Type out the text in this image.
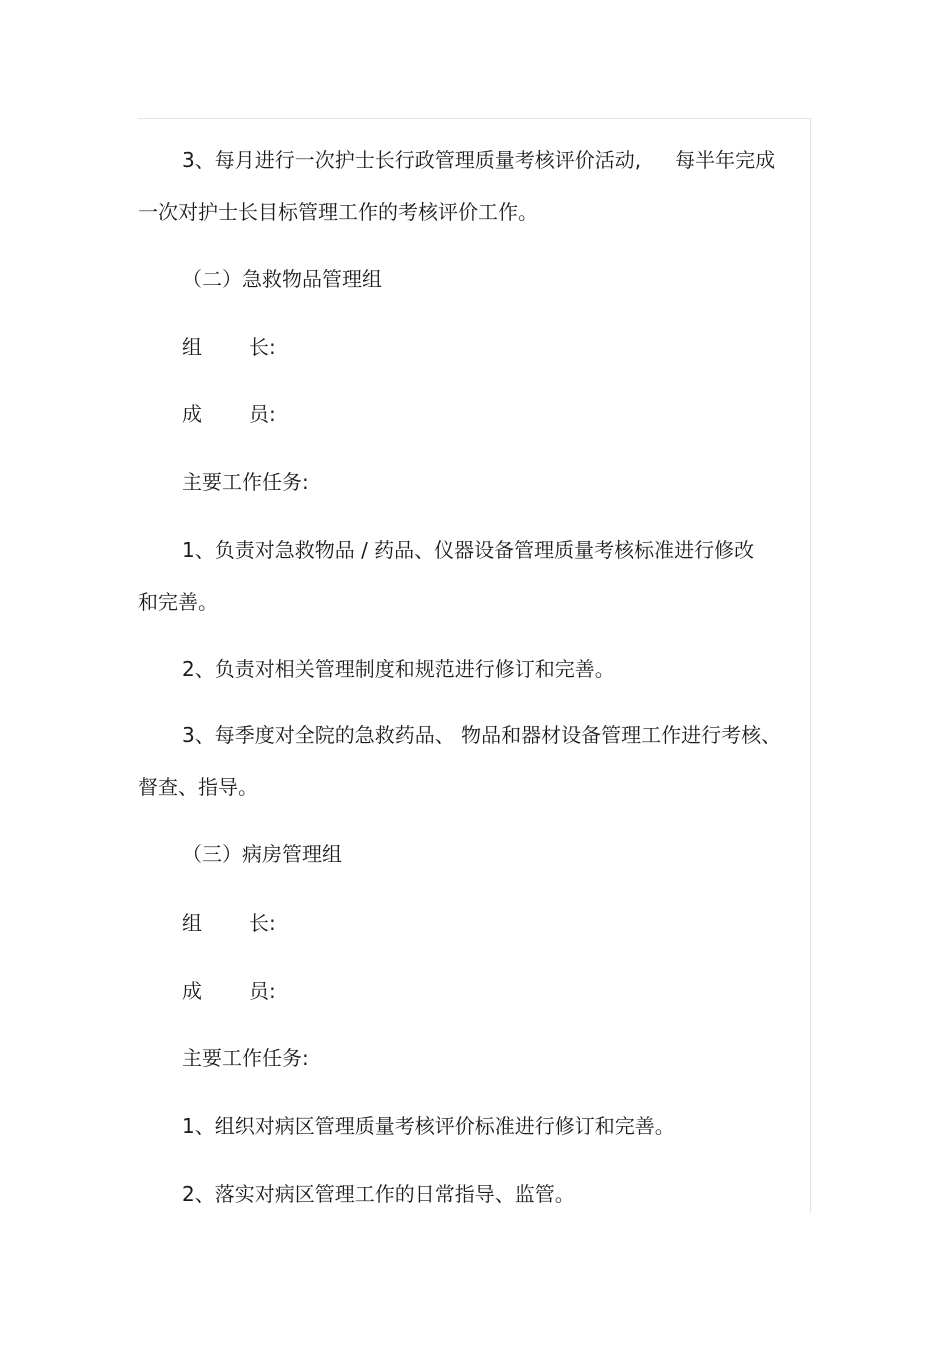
3、每月进行一次护士长行政管理质量考核评价活动, 每半年完成

一次对护士长目标管理工作的考核评价工作。

（二）急救物品管理组

组 长:

成 员:

主要工作任务:

1、负责对急救物品 / 药品、仪器设备管理质量考核标准进行修改

和完善。

2、负责对相关管理制度和规范进行修订和完善。

3、每季度对全院的急救药品、 物品和器材设备管理工作进行考核、

督查、指导。

（三）病房管理组

组 长:

成 员:

主要工作任务:

1、组织对病区管理质量考核评价标准进行修订和完善。

2、落实对病区管理工作的日常指导、监管。
